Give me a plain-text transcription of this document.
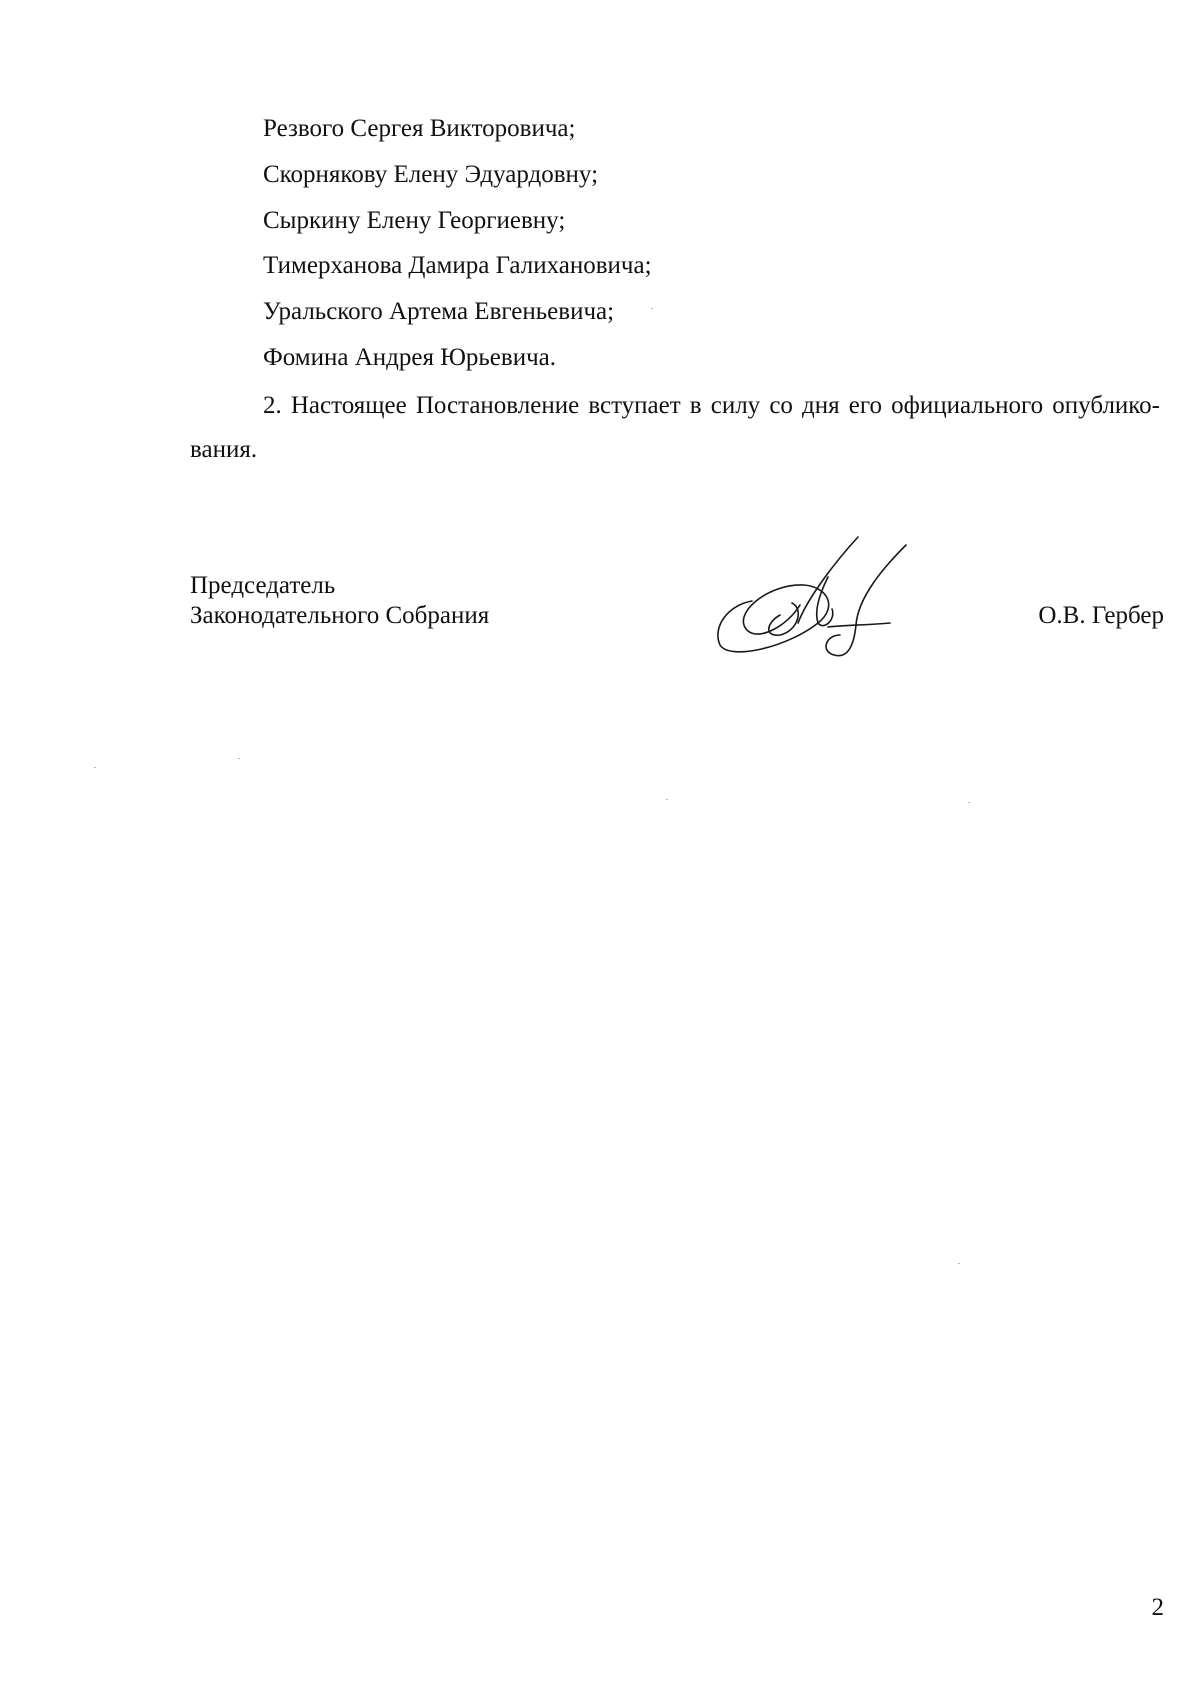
Резвого Сергея Викторовича;
Скорнякову Елену Эдуардовну;
Сыркину Елену Георгиевну;
Тимерханова Дамира Галихановича;
Уральского Артема Евгеньевича;
Фомина Андрея Юрьевича.
2. Настоящее Постановление вступает в силу со дня его официального опублико-вания.
Председатель
Законодательного Собрания	О.В. Гербер
2
